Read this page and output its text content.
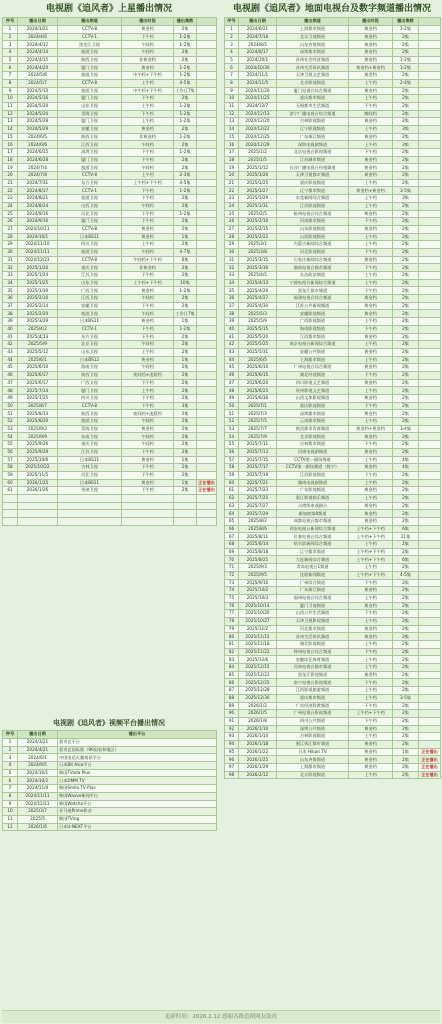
电视剧《追风者》上星播出情况
序号	播出日期	播出频道	播出时段	播出集数	
1	2024/3/21	CCTV-8	黄金档	2集	
2	2024/4/6	CCTV-1	下午档	1-2集	
3	2024/4/12	黑龙江卫视	午间档	1-2集	
4	2024/4/14	旅游卫视	午间档	2集	
5	2024/4/15	陕西卫视	非黄金档	2集	
6	2024/4/20	厦门卫视	黄金档	1-2集	
7	2024/5/6	旅游卫视	中午档+下午档	1-2集	
8	2024/5/7	CCTV-8	上午档	4-5集	
9	2024/5/13	旅游卫视	中午档+下午档	工作日7集	
10	2024/5/16	厦门卫视	下午档	2集	
11	2024/5/20	山东卫视	上午档	1-2集	
12	2024/5/20	青海卫视	下午档	1-2集	
13	2024/5/28	厦门卫视	上午档	1-2集	
14	2024/5/29	安徽卫视	黄金档	2集	
15	2024/6/5	陕西卫视	非黄金档	1-2集	
16	2024/6/6	江西卫视	午间档	2集	
17	2024/6/15	深圳卫视	下午档	1-2集	
18	2024/6/28	厦门卫视	下午档	2集	
19	2024/7/4	旅游卫视	午间档	2集	
20	2024/7/8	CCTV-8	上午档	2-3集	
21	2024/7/31	东方卫视	上午档+下午档	4-5集	
22	2024/8/17	CCTV-1	下午档	1-2集	
23	2024/8/21	旅游卫视	下午档	2集	
24	2024/8/24	山西卫视	午间档	2集	
25	2024/9/16	河北卫视	下午档	1-2集	
26	2024/9/16	厦门卫视	下午档	2集	
27	2024/10/11	CCTV-8	黄金档	2集	
28	2024/10/1	日本BS11	黄金档	1集	
29	2024/11/10	四川卫视	上午档	2集	
30	2024/11/11	旅游卫视	午间档	4-7集	
31	2024/12/23	CCTV-8	午间档+下午档	6集	
32	2025/1/20	重庆卫视	非黄金档	2集	
33	2025/1/24	江苏卫视	下午档	2集	
34	2025/1/25	山东卫视	上午档+下午档	10集	
35	2025/1/30	广西卫视	黄金档	1-2集	
36	2025/2/10	江西卫视	午间档	2集	
37	2025/2/14	安徽卫视	下午档	2集	
38	2025/2/20	旅游卫视	午间档	工作日7集	
39	2025/3/29	日本BS11	黄金档	1集	
40	2025/4/2	CCTV-1	下午档	1-2集	
41	2025/4/13	东方卫视	下午档	2集	
42	2025/5/9	北京卫视	午间档	2集	
43	2025/5/12	山东卫视	上午档	2集	
44	2025/6/1	日本BS12	黄金档	1集	
45	2025/6/10	海南卫视	午间档	2集	
46	2025/6/17	陕西卫视	夜间档+凌晨档	2集	
47	2025/6/17	广西卫视	下午档	2集	
48	2025/7/14	厦门卫视	上午档	2集	
49	2025/7/25	四川卫视	下午档	2集	
50	2025/8/7	CCTV-8	下午档	3集	
51	2025/8/13	陕西卫视	夜间档+凌晨档	2集	
52	2025/8/20	旅游卫视	午间档	2集	
53	2025/9/3	青海卫视	黄金档	2集	
54	2025/9/9	东南卫视	午间档	2集	
55	2025/9/26	重庆卫视	午间档	2集	
56	2025/9/29	江苏卫视	下午档	2集	
57	2025/10/6	日本BS11	黄金档	1集	
58	2025/10/22	吉林卫视	下午档	2集	
59	2025/11/5	河北卫视	下午档	2集	
60	2026/1/25	日本BS11	黄金档	1集	正在播出
61	2026/1/26	贵州卫视	下午档	2集	正在播出

电视剧《追风者》视频平台播出情况
序号	播出日期	播出平台
1	2024/3/21	爱奇艺平台
2	2024/4/21	爱奇艺国际版（90国家和地区）
3	2024/6/1	中国电信天翼视讯平台
4	2024/9/5	日本Bit Asia平台
5	2024/10/1	韩国TVada Plus
6	2024/10/2	日本DMM TV
7	2024/11/4	韩国Smile TV Plus
8	2024/11/11	韩国Wavve新闻平台
9	2024/12/11	韩国Watcha平台
10	2025/3/7	亚马逊Prime影音
11	2025/5	韩国TVing
12	2026/1/6	日本U-NEXT平台
电视剧《追风者》地面电视台及数字频道播出情况
序号	播出日期	播出频道	播出时段	播出集数	
1	2024/6/21	上海都市频道	黄金档	1-2集	
2	2024/7/18	北京卫视频道	黄金档	2集	
3	2024/8/5	山东齐鲁频道	黄金档	2集	
4	2024/8/17	深圳都市频道	黄金档	2集	
5	2024/10/1	苏州社会经济频道	黄金档	1-2集	
6	2024/10/30	苏州生活资讯频道	黄金档+黄金档	1-2集	
7	2024/11/1	天津卫视文艺频道	黄金档	2集	
8	2024/11/5	北京影视频道	上午档	2-4集	
9	2024/11/20	厦门电视台综合频道	黄金档	2集	
10	2024/11/25	重庆都市频道	上午档	2集	
11	2024/12/7	无锡都市生活频道	下午档	2集	
12	2024/12/13	济宁广播电视台综合频道	晚间档	2集	
13	2024/12/20	吉林影视频道	黄金档	2集	
14	2024/12/22	辽宁影视频道	上午档	3集	
15	2024/12/25	广东珠江频道	黄金档	2集	
16	2024/12/29	深圳电视剧频道	上午档	3集	
17	2025/1/2	北京电视台影视频道	下午档	2集	
18	2025/1/5	江苏城市频道	黄金档	2集	
19	2025/1/12	长沙广播电视台经视频道	黄金档	2集	
20	2025/1/20	天津卫视都市频道	黄金档	2集	
21	2025/1/25	重庆影视频道	上午档	2集	
22	2025/1/27	辽宁都市频道	黄金档+黄金档	3-5集	
23	2025/1/29	东莞新闻综合频道	上午档	3集	
24	2025/1/31	江苏影视频道	上午档	2集	
25	2025/2/5	杭州电视台综合频道	黄金档	2集	
26	2025/2/10	河南都市频道	下午档	2集	
27	2025/2/15	山东影视频道	黄金档	2集	
28	2025/2/22	山西影视频道	上午档	2集	
29	2025/3/1	内蒙古新闻综合频道	上午档	2集	
30	2025/3/8	河北影视频道	下午档	2集	
31	2025/3/15	石家庄新闻综合频道	黄金档	2集	
32	2025/3/30	湖南电视台都市频道	下午档	2集	
33	2025/4/5	长沙政法频道	上午档	2集	
34	2025/4/13	宁波电视台新闻综合频道	上午档	2集	
35	2025/4/20	黑龙江都市频道	下午档	2集	
36	2025/4/27	福建电视台综合频道	黄金档	2集	
37	2025/4/30	江苏公共新闻频道	黄金档	2集	
38	2025/5/3	安徽影视频道	黄金档	2集	
39	2025/5/9	广西影视频道	上午档	2集	
40	2025/5/15	海南影视频道	下午档	2集	
41	2025/5/20	江西都市频道	黄金档	2集	
42	2025/5/25	南京电视台新闻综合频道	上午档	2集	
43	2025/5/31	安徽公共频道	黄金档	2集	
44	2025/6/5	上海都市频道	上午档	2集	
45	2025/6/10	广州电视台综合频道	黄金档	2集	
46	2025/6/15	湖北经视频道	下午档	2集	
47	2025/6/20	四川影视文艺频道	黄金档	2集	
48	2025/6/25	贵州影视文艺频道	上午档	2集	
49	2025/6/30	山西文体影视频道	黄金档	2集	
50	2025/7/1	重庆影视频道	下午档	2集	
51	2025/7/3	深圳都市频道	黄金档	2集	
52	2025/7/5	云南都市频道	上午档	2集	
53	2025/7/7	陕西都市青春频道	黄金档+黄金档	3-4集	
54	2025/7/9	北京影视频道	黄金档	2集	
55	2025/7/11	吉林都市频道	下午档	2集	
56	2025/7/13	河南电视剧频道	黄金档	2集	
57	2025/7/15	CCTV第一剧场频道	上午档	4集	
58	2025/7/17	CCTV第一剧场频道（数字）	黄金档	4集	
59	2025/7/19	江苏影视频道	下午档	2集	
60	2025/7/21	湖南电视剧频道	上午档	2集	
61	2025/7/23	广东影视频道	黄金档	2集	
62	2025/7/25	浙江影视娱乐频道	上午档	2集	
63	2025/7/27	台湾纬来戏剧台	黄金档	2集	
64	2025/7/29	新加坡第8频道	黄金档	2集	
65	2025/8/2	成都电视台都市频道	黄金档	2集	
66	2025/8/6	西安电视台新闻综合频道	上午档+下午档	6集	
67	2025/8/11	长春电视台综合频道	上午档+下午档	11集	
68	2025/8/14	哈尔滨新闻综合频道	上午档	2集	
69	2025/8/18	辽宁都市频道	上午档+下午档	2集	
70	2025/8/25	大连新闻综合频道	上午档+下午档	6集	
71	2025/9/3	青岛电视台1频道	上午档	2集	
72	2025/9/5	沈阳新闻频道	上午档+下午档	4-5集	
73	2025/9/10	广州综合频道	下午档	2集	
74	2025/10/2	广东珠江频道	黄金档	2集	
75	2025/10/3	福州电视台综合频道	上午档	2集	
76	2025/10/14	厦门卫视频道	黄金档	2集	
77	2025/10/20	山西公共生活频道	下午档	2集	
78	2025/10/27	天津卫视影视频道	上午档	2集	
79	2025/11/2	河北都市频道	黄金档	2集	
80	2025/11/15	苏州生活资讯频道	黄金档	2集	
81	2025/11/18	湖北影视频道	上午档	2集	
82	2025/11/22	徐州电视台综合频道	下午档	2集	
83	2025/12/6	安徽综艺体育频道	上午档	2集	
84	2025/12/15	河南电视台都市频道	上午档	2集	
85	2025/12/23	黑龙江影视频道	黄金档	2集	
86	2025/12/25	南宁电视台影视频道	下午档	2集	
87	2025/12/28	江西影视旅游频道	上午档	2集	
88	2025/12/30	重庆都市频道	上午档	3-5集	
89	2026/1/2	广东经济科教频道	下午档	2集	
90	2026/1/5	广州电视台影视频道	上午档+下午档	2集	
91	2026/1/8	四川公共频道	下午档	2集	
92	2026/1/10	深圳公共频道	黄金档	2集	
93	2026/1/14	吉林影视频道	上午档	2集	
94	2026/1/18	浙江钱江都市频道	黄金档	2集	
95	2026/1/22	日本 Hikari TV	黄金档	1集	正在播出
96	2026/1/25	山东齐鲁频道	黄金档	2集	正在播出
97	2026/1/29	上海都市频道	黄金档	2集	正在播出
98	2026/2/12	北京影视频道	上午档	2集	正在播出
更新时间：2026.2.12 感谢各路追剧网友助攻
